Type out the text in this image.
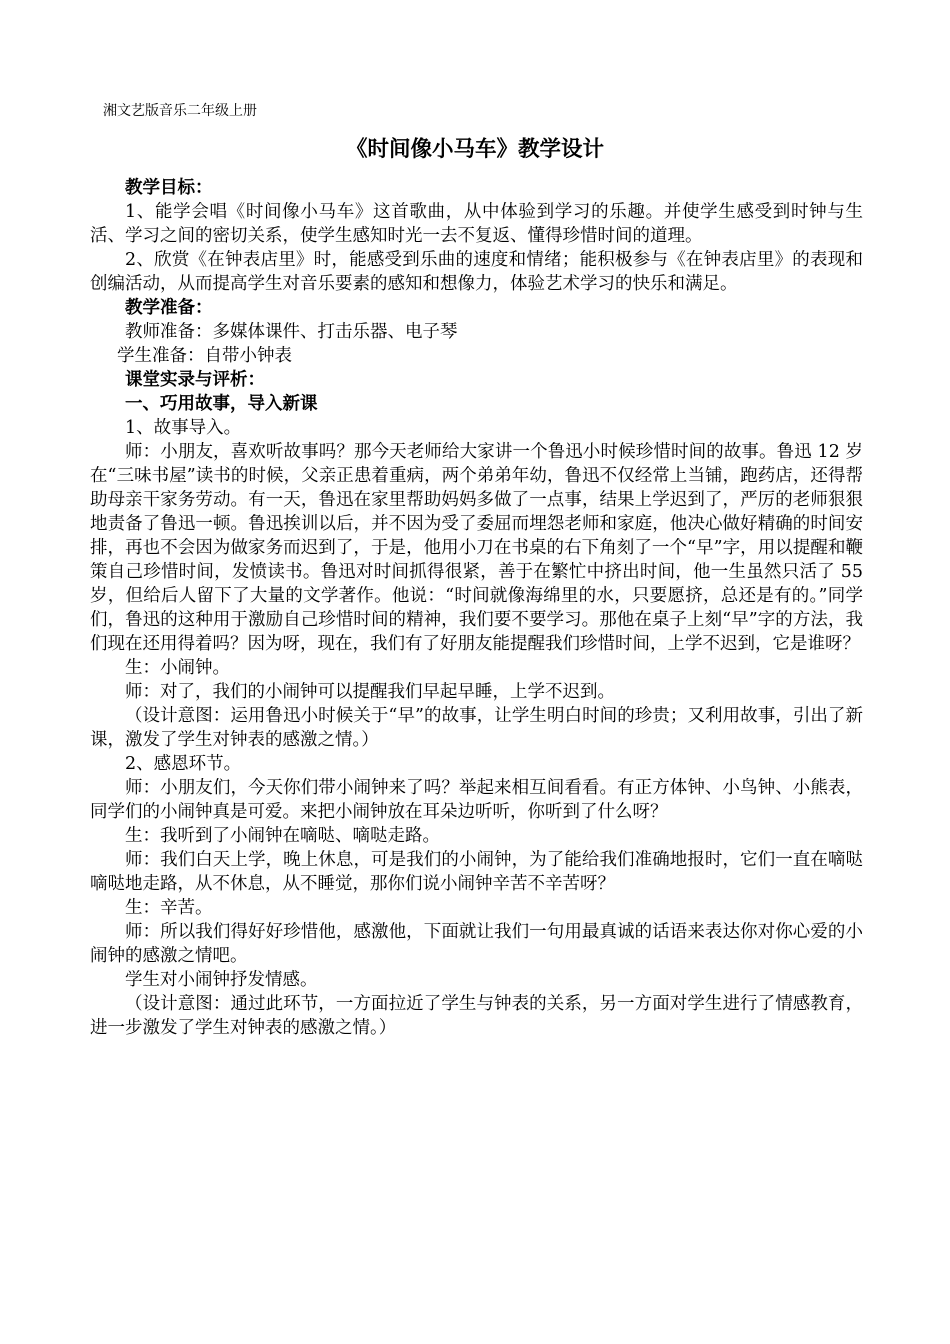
湘文艺版音乐二年级上册
《时间像小马车》教学设计

教学目标：

1、能学会唱《时间像小马车》这首歌曲，从中体验到学习的乐趣。并使学生感受到时钟与生活、学习之间的密切关系，使学生感知时光一去不复返、懂得珍惜时间的道理。

2、欣赏《在钟表店里》时，能感受到乐曲的速度和情绪；能积极参与《在钟表店里》的表现和创编活动，从而提高学生对音乐要素的感知和想像力，体验艺术学习的快乐和满足。

教学准备：

教师准备：多媒体课件、打击乐器、电子琴

学生准备：自带小钟表

课堂实录与评析：

一、巧用故事，导入新课

1、故事导入。

师：小朋友，喜欢听故事吗？那今天老师给大家讲一个鲁迅小时候珍惜时间的故事。鲁迅 12 岁在“三味书屋”读书的时候，父亲正患着重病，两个弟弟年幼，鲁迅不仅经常上当铺，跑药店，还得帮助母亲干家务劳动。有一天，鲁迅在家里帮助妈妈多做了一点事，结果上学迟到了，严厉的老师狠狠地责备了鲁迅一顿。鲁迅挨训以后，并不因为受了委屈而埋怨老师和家庭，他决心做好精确的时间安排，再也不会因为做家务而迟到了，于是，他用小刀在书桌的右下角刻了一个“早”字，用以提醒和鞭策自己珍惜时间，发愤读书。鲁迅对时间抓得很紧，善于在繁忙中挤出时间，他一生虽然只活了 55 岁，但给后人留下了大量的文学著作。他说：“时间就像海绵里的水，只要愿挤，总还是有的。”同学们，鲁迅的这种用于激励自己珍惜时间的精神，我们要不要学习。那他在桌子上刻“早”字的方法，我们现在还用得着吗？因为呀，现在，我们有了好朋友能提醒我们珍惜时间，上学不迟到，它是谁呀？

生：小闹钟。

师：对了，我们的小闹钟可以提醒我们早起早睡，上学不迟到。

（设计意图：运用鲁迅小时候关于“早”的故事，让学生明白时间的珍贵；又利用故事，引出了新课，激发了学生对钟表的感激之情。）

2、感恩环节。

师：小朋友们，今天你们带小闹钟来了吗？举起来相互间看看。有正方体钟、小鸟钟、小熊表，同学们的小闹钟真是可爱。来把小闹钟放在耳朵边听听，你听到了什么呀？

生：我听到了小闹钟在嘀哒、嘀哒走路。

师：我们白天上学，晚上休息，可是我们的小闹钟，为了能给我们准确地报时，它们一直在嘀哒嘀哒地走路，从不休息，从不睡觉，那你们说小闹钟辛苦不辛苦呀？

生：辛苦。

师：所以我们得好好珍惜他，感激他，下面就让我们一句用最真诚的话语来表达你对你心爱的小闹钟的感激之情吧。

学生对小闹钟抒发情感。

（设计意图：通过此环节，一方面拉近了学生与钟表的关系，另一方面对学生进行了情感教育，进一步激发了学生对钟表的感激之情。）
